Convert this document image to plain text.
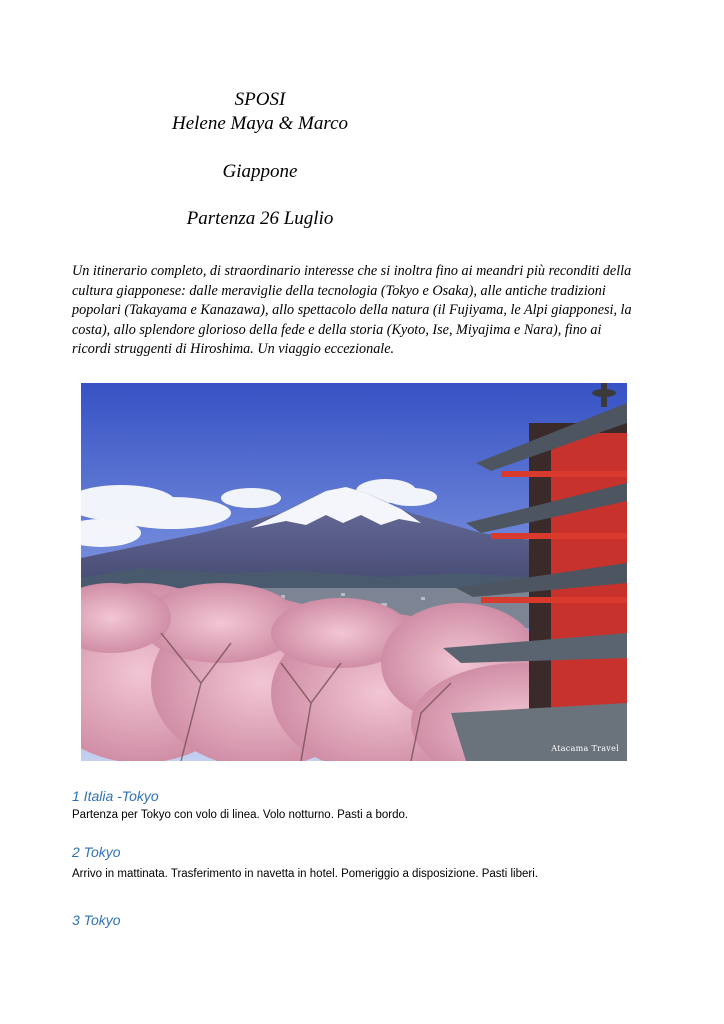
SPOSI
Helene Maya & Marco
Giappone
Partenza 26 Luglio

Un itinerario completo, di straordinario interesse che si inoltra fino ai meandri più reconditi della cultura giapponese: dalle meraviglie della tecnologia (Tokyo e Osaka), alle antiche tradizioni popolari (Takayama e Kanazawa), allo spettacolo della natura (il Fujiyama, le Alpi giapponesi, la costa), allo splendore glorioso della fede e della storia (Kyoto, Ise, Miyajima e Nara), fino ai ricordi struggenti di Hiroshima. Un viaggio eccezionale.

Atacama Travel

1 Italia -Tokyo

Partenza per Tokyo con volo di linea. Volo notturno. Pasti a bordo.

2 Tokyo

Arrivo in mattinata. Trasferimento in navetta in hotel. Pomeriggio a disposizione. Pasti liberi.

3 Tokyo
